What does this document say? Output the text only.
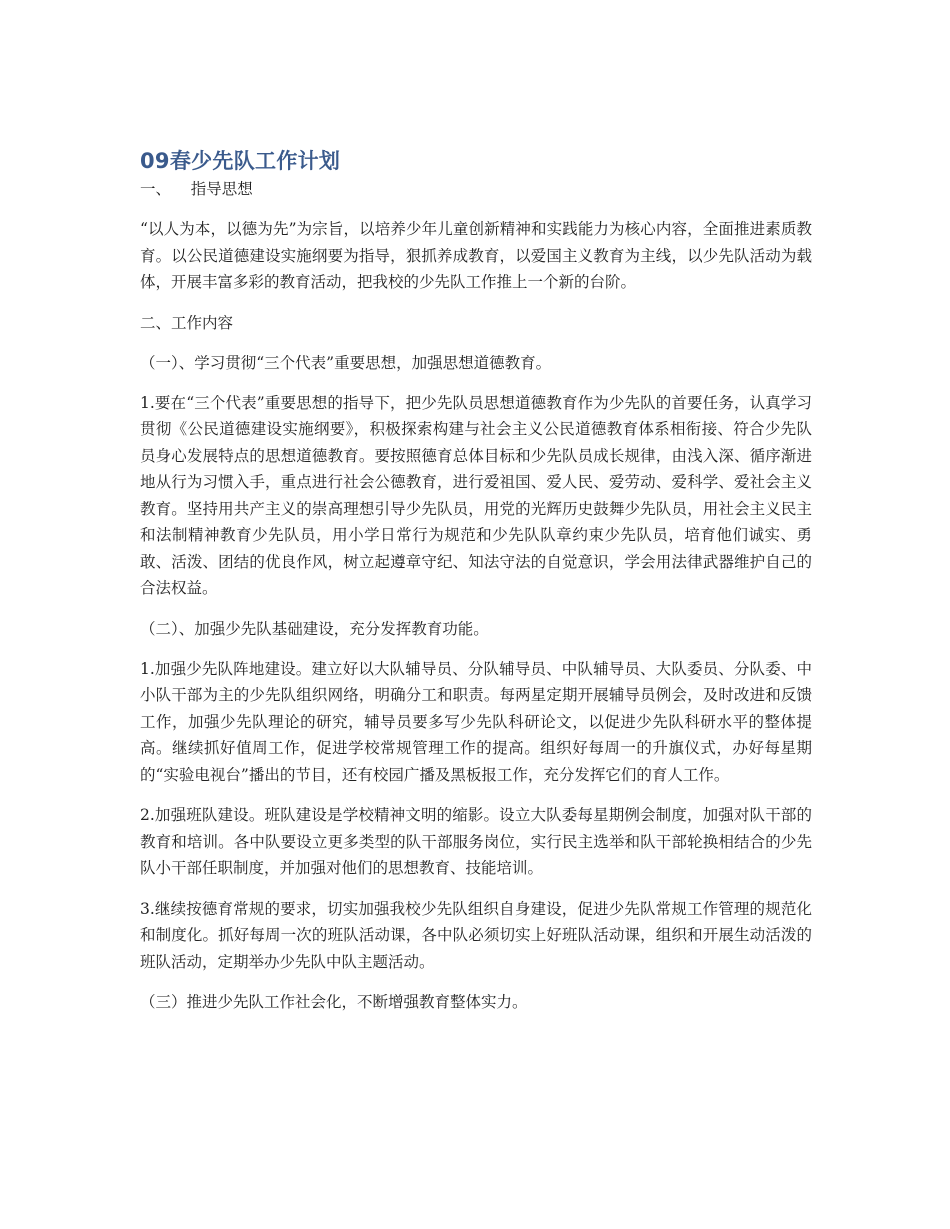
09春少先队工作计划

一、    指导思想

“以人为本，以德为先”为宗旨，以培养少年儿童创新精神和实践能力为核心内容，全面推进素质教育。以公民道德建设实施纲要为指导，狠抓养成教育，以爱国主义教育为主线，以少先队活动为载体，开展丰富多彩的教育活动，把我校的少先队工作推上一个新的台阶。

二、工作内容

（一）、学习贯彻“三个代表”重要思想，加强思想道德教育。

1.要在“三个代表”重要思想的指导下，把少先队员思想道德教育作为少先队的首要任务，认真学习贯彻《公民道德建设实施纲要》，积极探索构建与社会主义公民道德教育体系相衔接、符合少先队员身心发展特点的思想道德教育。要按照德育总体目标和少先队员成长规律，由浅入深、循序渐进地从行为习惯入手，重点进行社会公德教育，进行爱祖国、爱人民、爱劳动、爱科学、爱社会主义教育。坚持用共产主义的崇高理想引导少先队员，用党的光辉历史鼓舞少先队员，用社会主义民主和法制精神教育少先队员，用小学日常行为规范和少先队队章约束少先队员，培育他们诚实、勇敢、活泼、团结的优良作风，树立起遵章守纪、知法守法的自觉意识，学会用法律武器维护自己的合法权益。

（二）、加强少先队基础建设，充分发挥教育功能。

1.加强少先队阵地建设。建立好以大队辅导员、分队辅导员、中队辅导员、大队委员、分队委、中小队干部为主的少先队组织网络，明确分工和职责。每两星定期开展辅导员例会，及时改进和反馈工作，加强少先队理论的研究，辅导员要多写少先队科研论文，以促进少先队科研水平的整体提高。继续抓好值周工作，促进学校常规管理工作的提高。组织好每周一的升旗仪式，办好每星期的“实验电视台”播出的节目，还有校园广播及黑板报工作，充分发挥它们的育人工作。

2.加强班队建设。班队建设是学校精神文明的缩影。设立大队委每星期例会制度，加强对队干部的教育和培训。各中队要设立更多类型的队干部服务岗位，实行民主选举和队干部轮换相结合的少先队小干部任职制度，并加强对他们的思想教育、技能培训。

3.继续按德育常规的要求，切实加强我校少先队组织自身建设，促进少先队常规工作管理的规范化和制度化。抓好每周一次的班队活动课，各中队必须切实上好班队活动课，组织和开展生动活泼的班队活动，定期举办少先队中队主题活动。

（三）推进少先队工作社会化，不断增强教育整体实力。
